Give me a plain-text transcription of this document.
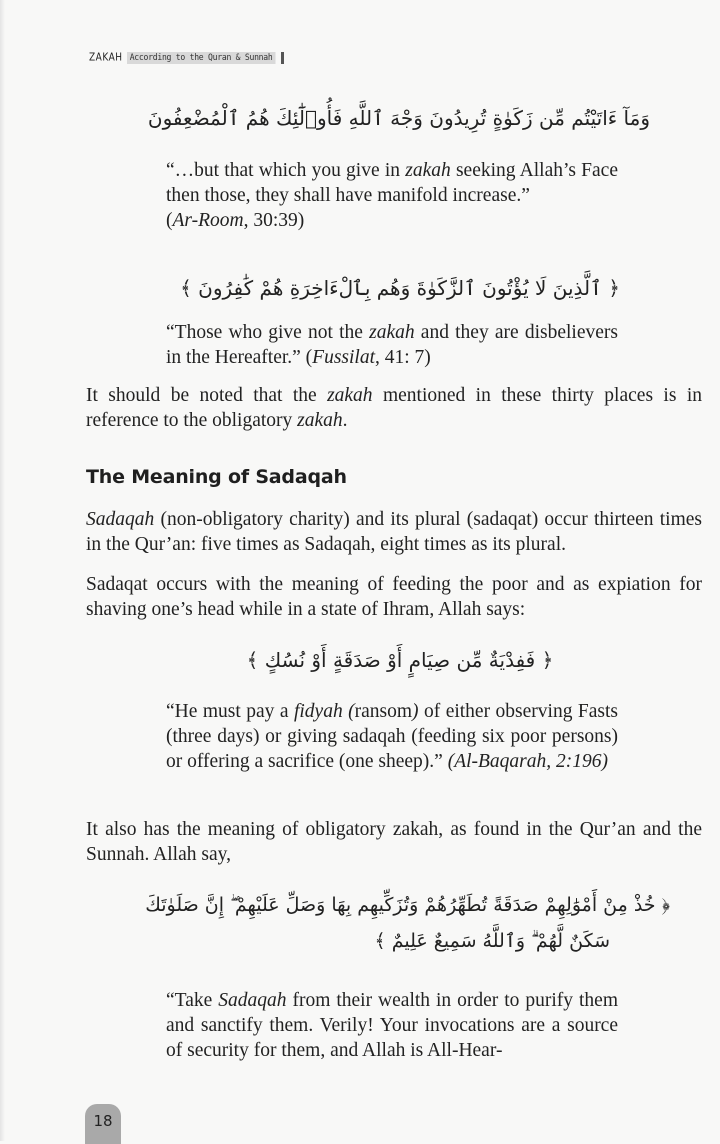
ZAKAH According to the Quran & Sunnah
وَمَآ ءَاتَيْتُم مِّن زَكَوٰةٍ تُرِيدُونَ وَجْهَ ٱللَّهِ فَأُو۟لَٰٓئِكَ هُمُ ٱلْمُضْعِفُونَ
“…but that which you give in zakah seeking Allah’s Face then those, they shall have manifold increase.”
(Ar-Room, 30:39)
﴿ ٱلَّذِينَ لَا يُؤْتُونَ ٱلزَّكَوٰةَ وَهُم بِٱلْءَاخِرَةِ هُمْ كَٰفِرُونَ ﴾
“Those who give not the zakah and they are disbelievers in the Hereafter.” (Fussilat, 41: 7)
It should be noted that the zakah mentioned in these thirty places is in reference to the obligatory zakah.
The Meaning of Sadaqah
Sadaqah (non-obligatory charity) and its plural (sadaqat) occur thirteen times in the Qur’an: five times as Sadaqah, eight times as its plural.
Sadaqat occurs with the meaning of feeding the poor and as expiation for shaving one’s head while in a state of Ihram, Allah says:
﴿ فَفِدْيَةٌ مِّن صِيَامٍ أَوْ صَدَقَةٍ أَوْ نُسُكٍ ﴾
“He must pay a fidyah (ransom) of either observing Fasts (three days) or giving sadaqah (feeding six poor persons) or offering a sacrifice (one sheep).” (Al-Baqarah, 2:196)
It also has the meaning of obligatory zakah, as found in the Qur’an and the Sunnah. Allah say,
﴿ خُذْ مِنْ أَمْوَٰلِهِمْ صَدَقَةً تُطَهِّرُهُمْ وَتُزَكِّيهِم بِهَا وَصَلِّ عَلَيْهِمْ ۖ إِنَّ صَلَوٰتَكَ
سَكَنٌ لَّهُمْ ۗ وَٱللَّهُ سَمِيعٌ عَلِيمٌ ﴾
“Take Sadaqah from their wealth in order to purify them and sanctify them. Verily! Your invocations are a source of security for them, and Allah is All-Hear-
18
